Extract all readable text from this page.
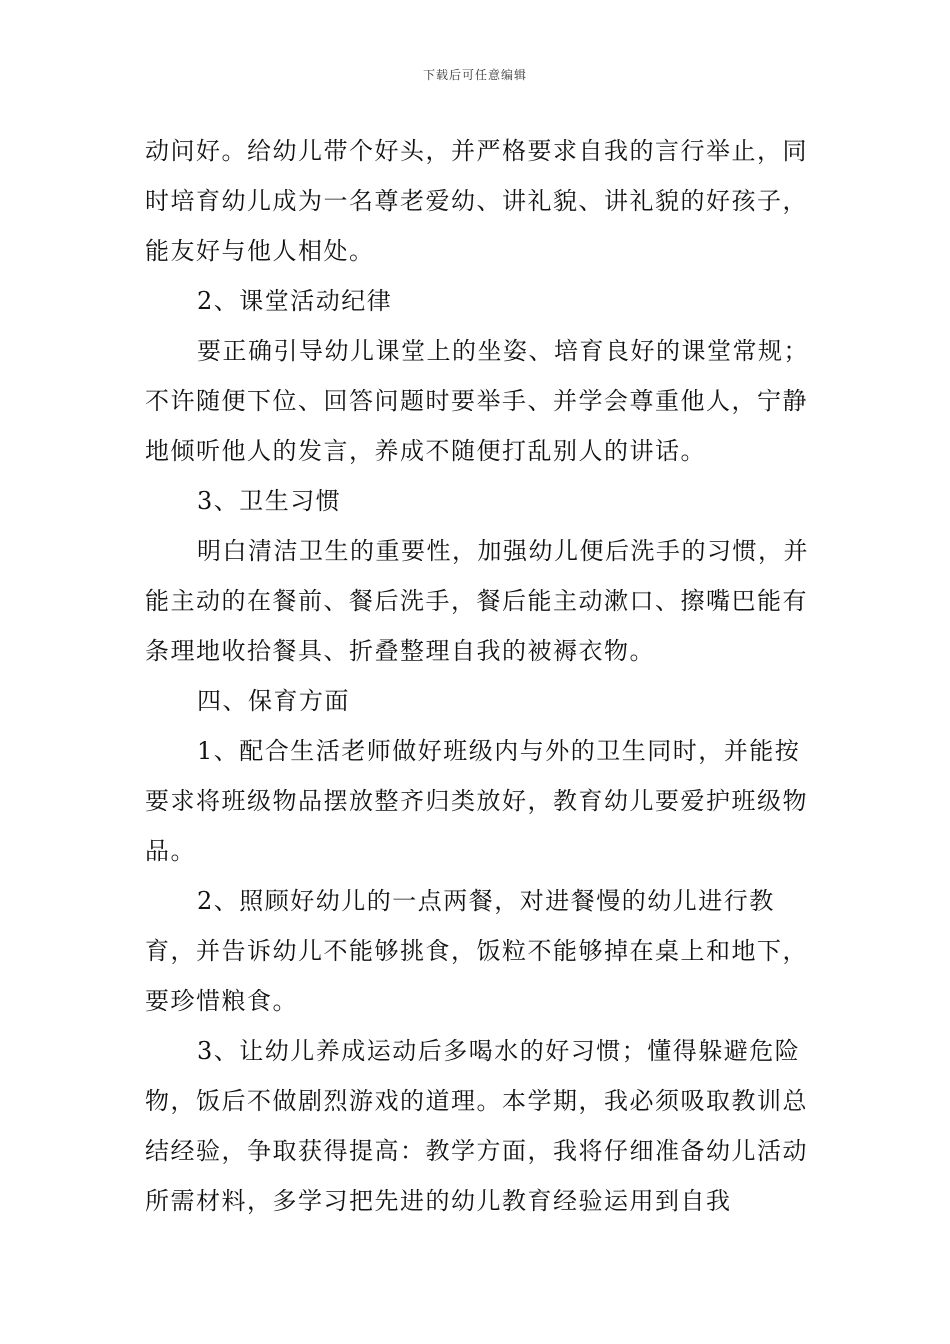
下载后可任意编辑

动问好。给幼儿带个好头，并严格要求自我的言行举止，同时培育幼儿成为一名尊老爱幼、讲礼貌、讲礼貌的好孩子，能友好与他人相处。

2、课堂活动纪律

要正确引导幼儿课堂上的坐姿、培育良好的课堂常规；不许随便下位、回答问题时要举手、并学会尊重他人，宁静地倾听他人的发言，养成不随便打乱别人的讲话。

3、卫生习惯

明白清洁卫生的重要性，加强幼儿便后洗手的习惯，并能主动的在餐前、餐后洗手，餐后能主动漱口、擦嘴巴能有条理地收拾餐具、折叠整理自我的被褥衣物。

四、保育方面

1、配合生活老师做好班级内与外的卫生同时，并能按要求将班级物品摆放整齐归类放好，教育幼儿要爱护班级物品。

2、照顾好幼儿的一点两餐，对进餐慢的幼儿进行教育，并告诉幼儿不能够挑食，饭粒不能够掉在桌上和地下，要珍惜粮食。

3、让幼儿养成运动后多喝水的好习惯；懂得躲避危险物，饭后不做剧烈游戏的道理。本学期，我必须吸取教训总结经验，争取获得提高：教学方面，我将仔细准备幼儿活动所需材料，多学习把先进的幼儿教育经验运用到自我
